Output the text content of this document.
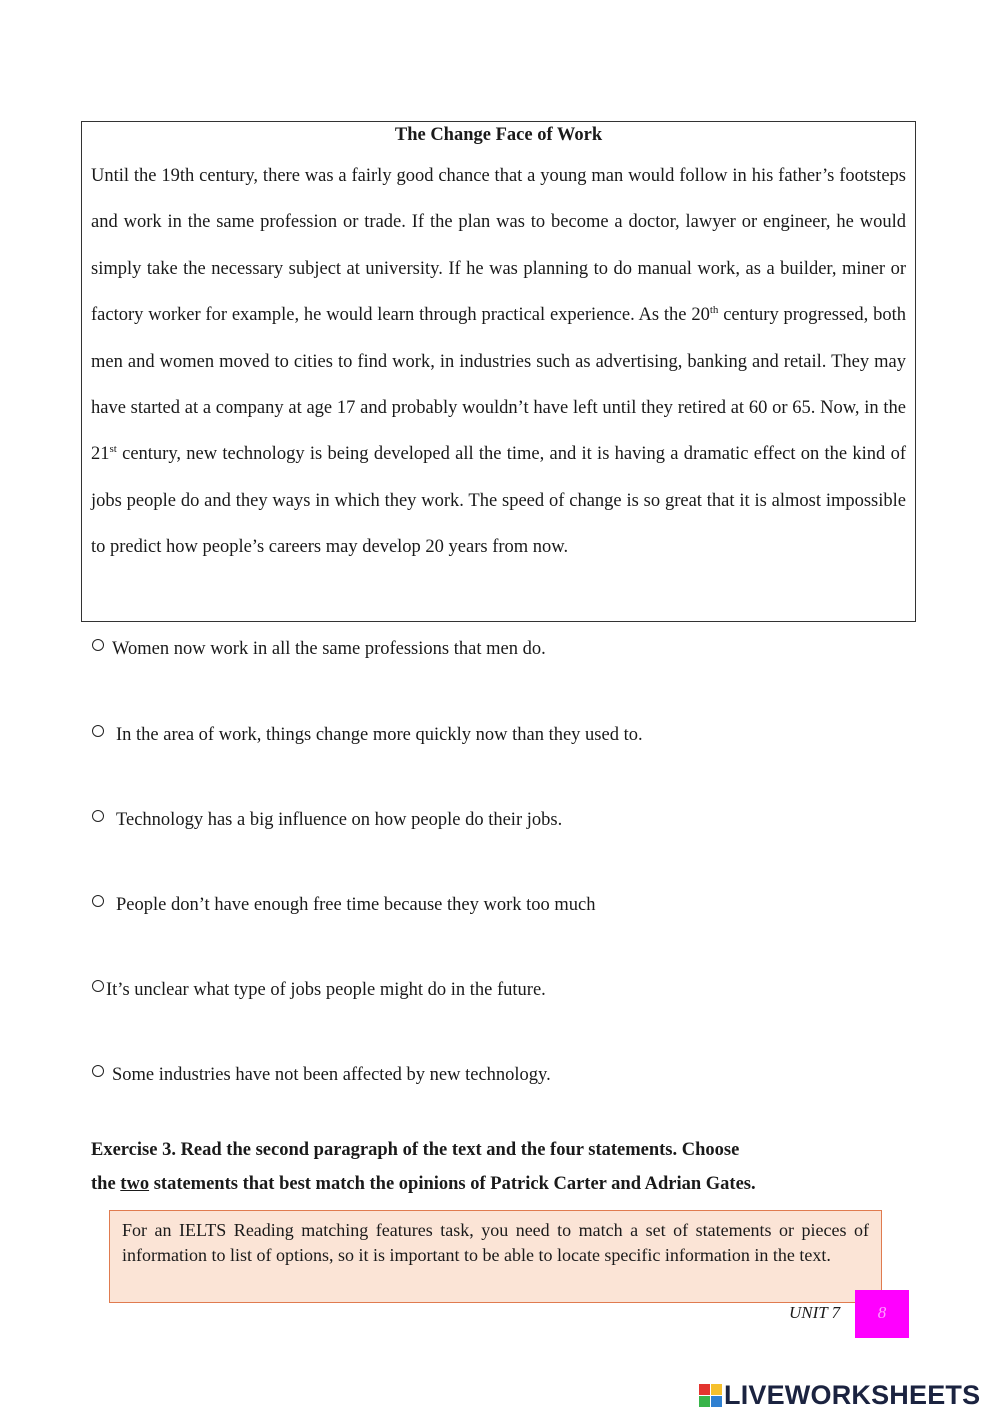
The Change Face of Work
Until the 19th century, there was a fairly good chance that a young man would follow in his father’s footsteps and work in the same profession or trade. If the plan was to become a doctor, lawyer or engineer, he would simply take the necessary subject at university. If he was planning to do manual work, as a builder, miner or factory worker for example, he would learn through practical experience. As the 20th century progressed, both men and women moved to cities to find work, in industries such as advertising, banking and retail. They may have started at a company at age 17 and probably wouldn’t have left until they retired at 60 or 65. Now, in the 21st century, new technology is being developed all the time, and it is having a dramatic effect on the kind of jobs people do and they ways in which they work. The speed of change is so great that it is almost impossible to predict how people’s careers may develop 20 years from now.
Women now work in all the same professions that men do.
In the area of work, things change more quickly now than they used to.
Technology has a big influence on how people do their jobs.
People don’t have enough free time because they work too much
It’s unclear what type of jobs people might do in the future.
Some industries have not been affected by new technology.
Exercise 3. Read the second paragraph of the text and the four statements. Choose
the two statements that best match the opinions of Patrick Carter and Adrian Gates.
For an IELTS Reading matching features task, you need to match a set of statements or pieces of information to list of options, so it is important to be able to locate specific information in the text.
UNIT 7	8
LIVEWORKSHEETS
